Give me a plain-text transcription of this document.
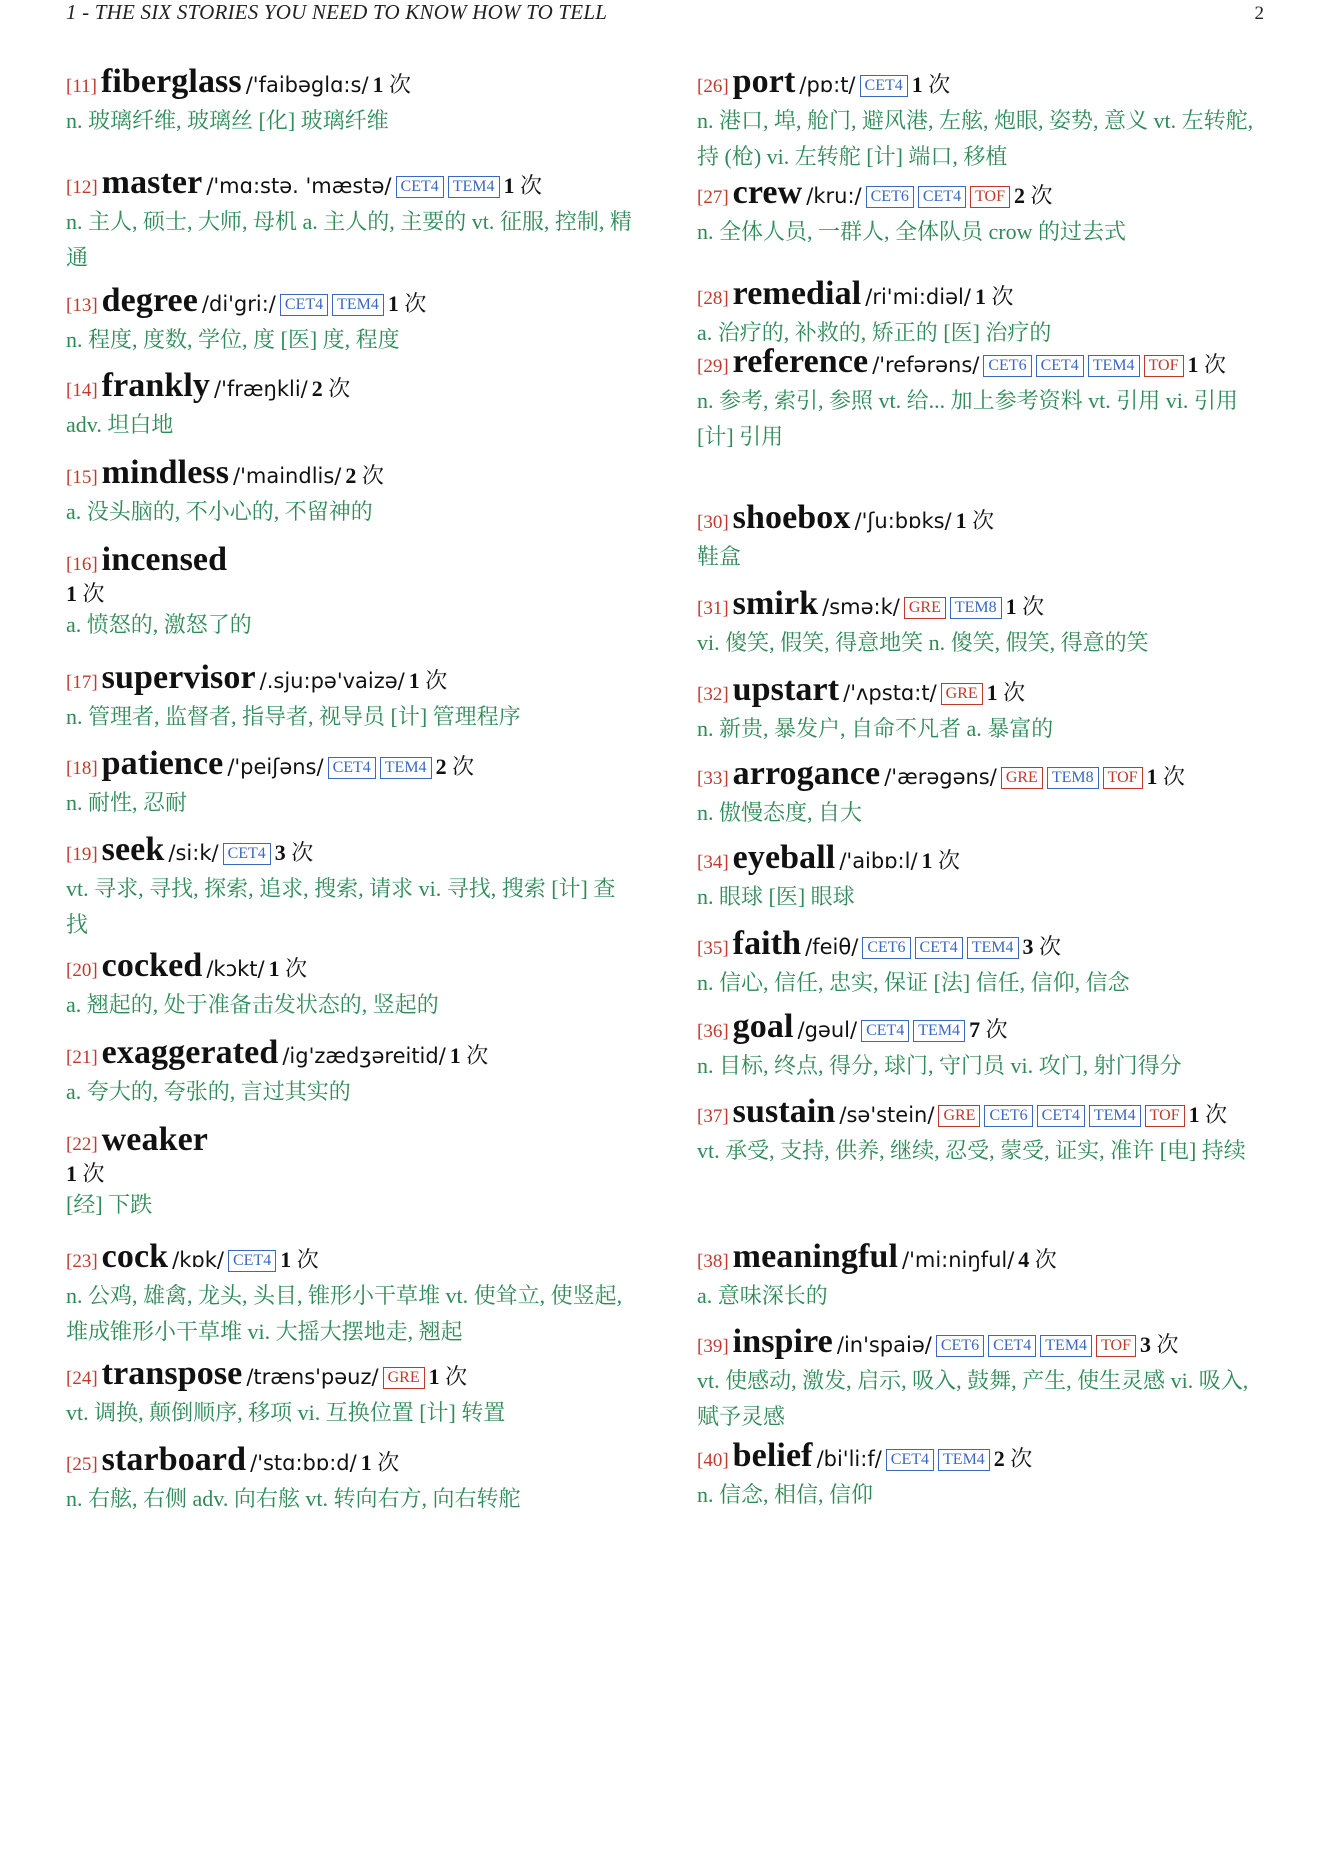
1 - THE SIX STORIES YOU NEED TO KNOW HOW TO TELL	2
[11] fiberglass /'faibəglɑ:s/ 1 次
n. 玻璃纤维, 玻璃丝 [化] 玻璃纤维
[12] master /'mɑ:stə. 'mæstə/ CET4 TEM4 1 次
n. 主人, 硕士, 大师, 母机 a. 主人的, 主要的 vt. 征服, 控制, 精通
[13] degree /di'gri:/ CET4 TEM4 1 次
n. 程度, 度数, 学位, 度 [医] 度, 程度
[14] frankly /'fræŋkli/ 2 次
adv. 坦白地
[15] mindless /'maindlis/ 2 次
a. 没头脑的, 不小心的, 不留神的
[16] incensed
1 次
a. 愤怒的, 激怒了的
[17] supervisor /.sju:pə'vaizə/ 1 次
n. 管理者, 监督者, 指导者, 视导员 [计] 管理程序
[18] patience /'peiʃəns/ CET4 TEM4 2 次
n. 耐性, 忍耐
[19] seek /si:k/ CET4 3 次
vt. 寻求, 寻找, 探索, 追求, 搜索, 请求 vi. 寻找, 搜索 [计] 查找
[20] cocked /kɔkt/ 1 次
a. 翘起的, 处于准备击发状态的, 竖起的
[21] exaggerated /ig'zædʒəreitid/ 1 次
a. 夸大的, 夸张的, 言过其实的
[22] weaker
1 次
[经] 下跌
[23] cock /kɒk/ CET4 1 次
n. 公鸡, 雄禽, 龙头, 头目, 锥形小干草堆 vt. 使耸立, 使竖起, 堆成锥形小干草堆 vi. 大摇大摆地走, 翘起
[24] transpose /træns'pəuz/ GRE 1 次
vt. 调换, 颠倒顺序, 移项 vi. 互换位置 [计] 转置
[25] starboard /'stɑ:bɒ:d/ 1 次
n. 右舷, 右侧 adv. 向右舷 vt. 转向右方, 向右转舵
[26] port /pɒ:t/ CET4 1 次
n. 港口, 埠, 舱门, 避风港, 左舷, 炮眼, 姿势, 意义 vt. 左转舵, 持 (枪) vi. 左转舵 [计] 端口, 移植
[27] crew /kru:/ CET6 CET4 TOF 2 次
n. 全体人员, 一群人, 全体队员 crow 的过去式
[28] remedial /ri'mi:diəl/ 1 次
a. 治疗的, 补救的, 矫正的 [医] 治疗的
[29] reference /'refərəns/ CET6 CET4 TEM4 TOF 1 次
n. 参考, 索引, 参照 vt. 给... 加上参考资料 vt. 引用 vi. 引用 [计] 引用
[30] shoebox /'ʃu:bɒks/ 1 次
鞋盒
[31] smirk /smə:k/ GRE TEM8 1 次
vi. 傻笑, 假笑, 得意地笑 n. 傻笑, 假笑, 得意的笑
[32] upstart /'ʌpstɑ:t/ GRE 1 次
n. 新贵, 暴发户, 自命不凡者 a. 暴富的
[33] arrogance /'ærəgəns/ GRE TEM8 TOF 1 次
n. 傲慢态度, 自大
[34] eyeball /'aibɒ:l/ 1 次
n. 眼球 [医] 眼球
[35] faith /feiθ/ CET6 CET4 TEM4 3 次
n. 信心, 信任, 忠实, 保证 [法] 信任, 信仰, 信念
[36] goal /gəul/ CET4 TEM4 7 次
n. 目标, 终点, 得分, 球门, 守门员 vi. 攻门, 射门得分
[37] sustain /sə'stein/ GRE CET6 CET4 TEM4 TOF 1 次
vt. 承受, 支持, 供养, 继续, 忍受, 蒙受, 证实, 准许 [电] 持续
[38] meaningful /'mi:niŋful/ 4 次
a. 意味深长的
[39] inspire /in'spaiə/ CET6 CET4 TEM4 TOF 3 次
vt. 使感动, 激发, 启示, 吸入, 鼓舞, 产生, 使生灵感 vi. 吸入, 赋予灵感
[40] belief /bi'li:f/ CET4 TEM4 2 次
n. 信念, 相信, 信仰
